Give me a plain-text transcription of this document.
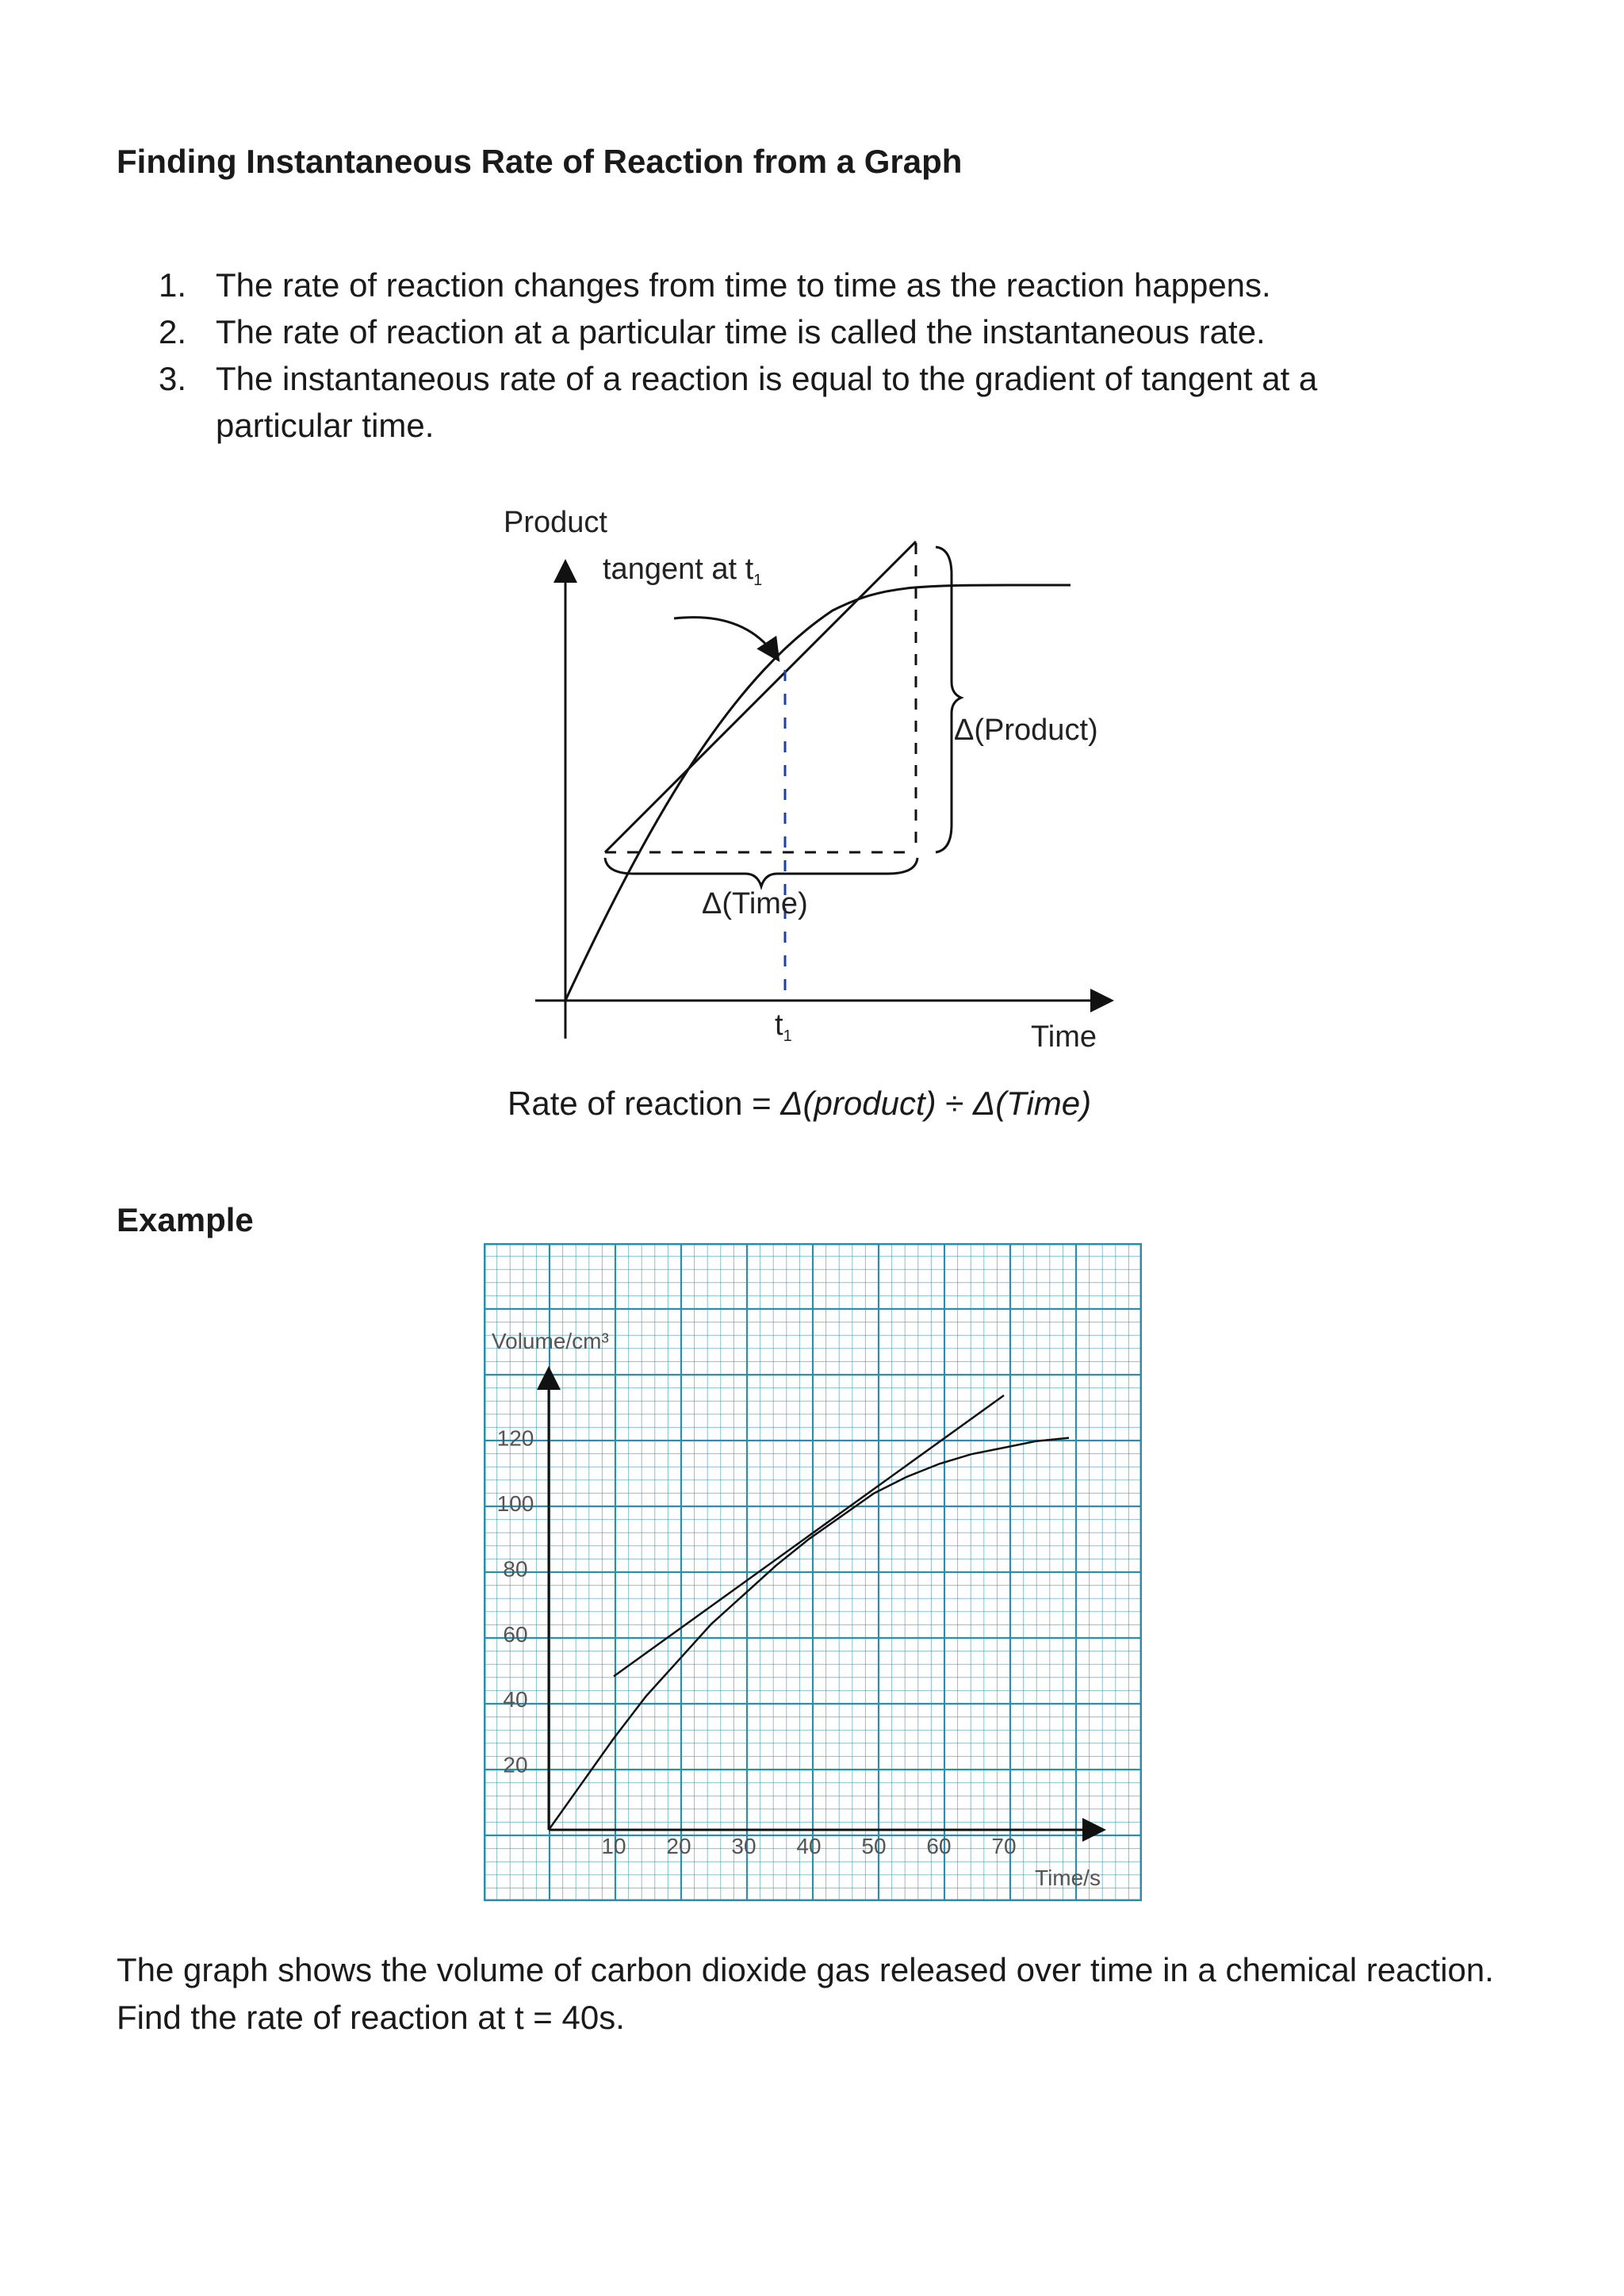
Finding Instantaneous Rate of Reaction from a Graph
1. The rate of reaction changes from time to time as the reaction happens.
2. The rate of reaction at a particular time is called the instantaneous rate.
3. The instantaneous rate of a reaction is equal to the gradient of tangent at a particular time.
Product
Time
tangent at $t_1$
Δ(Product)
Δ(Time)
$t_1$

Rate of reaction = Δ(product) ÷ Δ(Time)

Example
10 20 30 40 50 60 70
20
40
60
80
100
120
Volume/cm³
Time/s

The graph shows the volume of carbon dioxide gas released over time in a chemical reaction. Find the rate of reaction at t = 40s.
